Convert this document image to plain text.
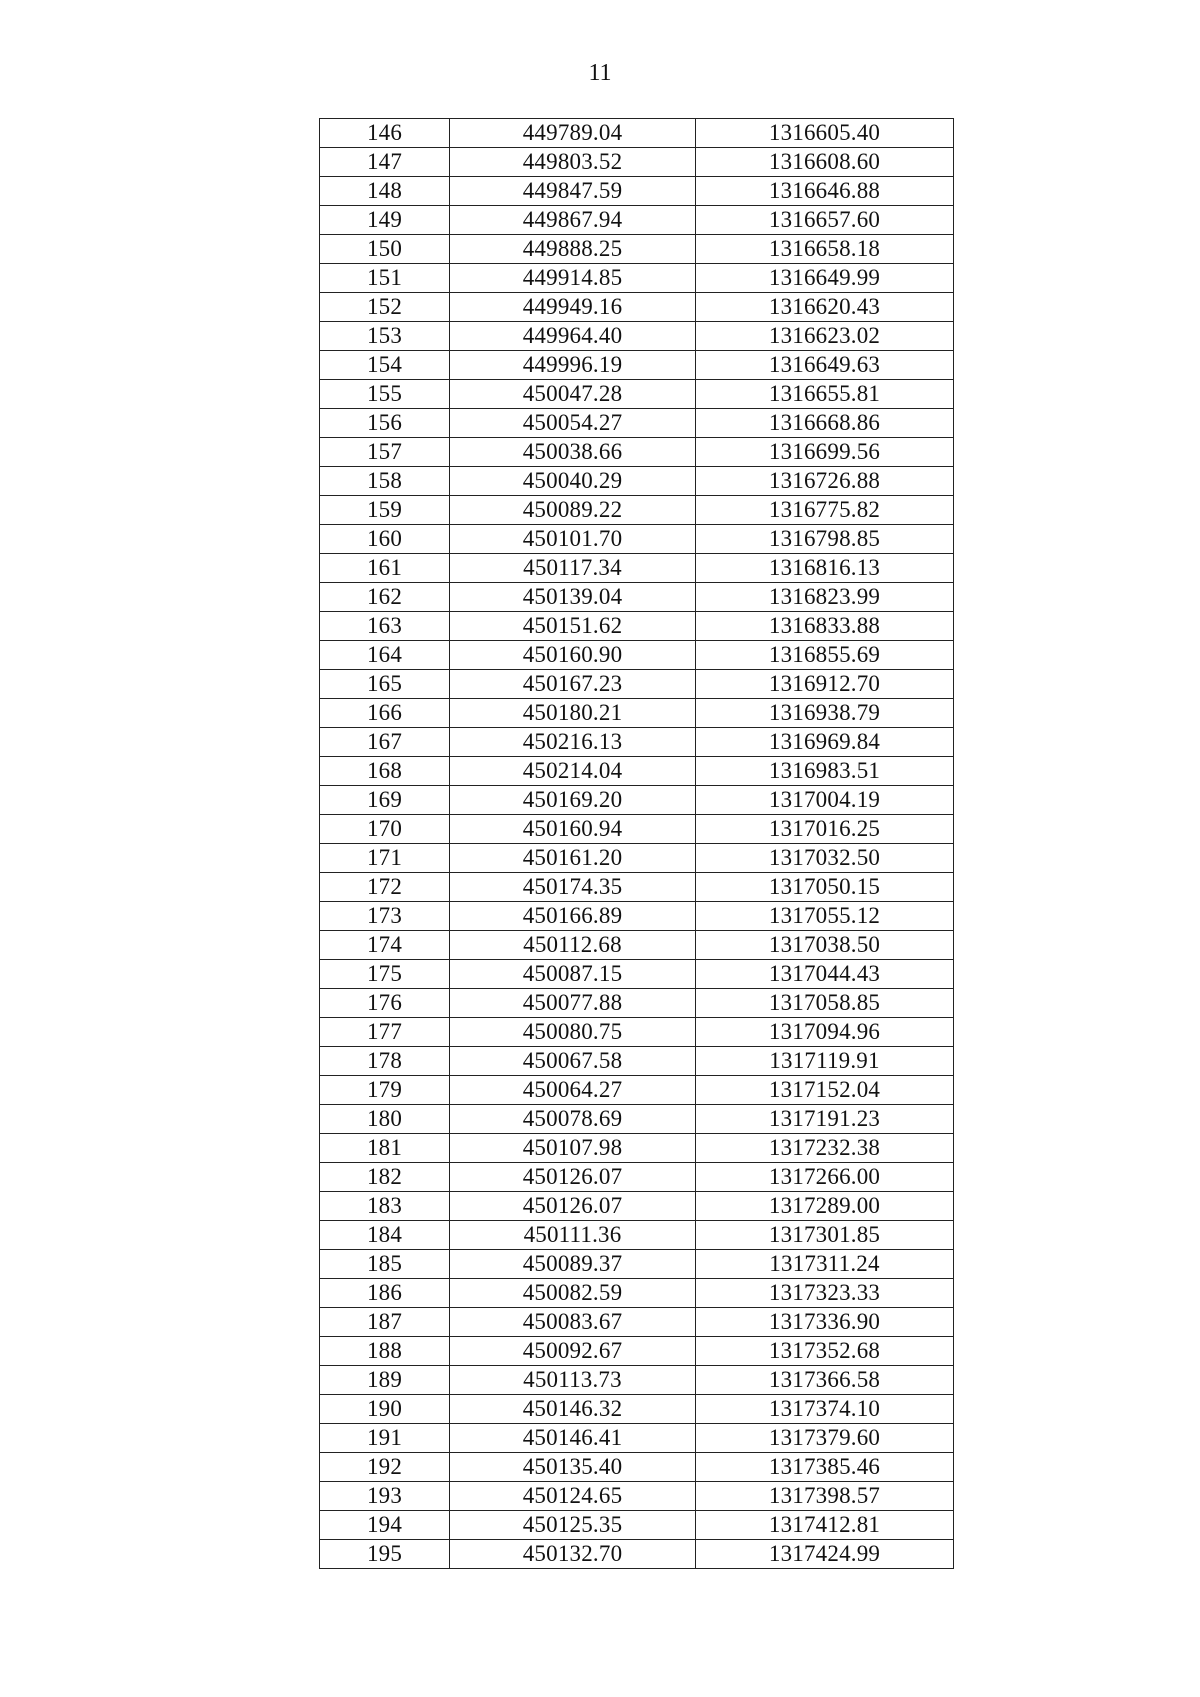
11
146	449789.04	1316605.40
147	449803.52	1316608.60
148	449847.59	1316646.88
149	449867.94	1316657.60
150	449888.25	1316658.18
151	449914.85	1316649.99
152	449949.16	1316620.43
153	449964.40	1316623.02
154	449996.19	1316649.63
155	450047.28	1316655.81
156	450054.27	1316668.86
157	450038.66	1316699.56
158	450040.29	1316726.88
159	450089.22	1316775.82
160	450101.70	1316798.85
161	450117.34	1316816.13
162	450139.04	1316823.99
163	450151.62	1316833.88
164	450160.90	1316855.69
165	450167.23	1316912.70
166	450180.21	1316938.79
167	450216.13	1316969.84
168	450214.04	1316983.51
169	450169.20	1317004.19
170	450160.94	1317016.25
171	450161.20	1317032.50
172	450174.35	1317050.15
173	450166.89	1317055.12
174	450112.68	1317038.50
175	450087.15	1317044.43
176	450077.88	1317058.85
177	450080.75	1317094.96
178	450067.58	1317119.91
179	450064.27	1317152.04
180	450078.69	1317191.23
181	450107.98	1317232.38
182	450126.07	1317266.00
183	450126.07	1317289.00
184	450111.36	1317301.85
185	450089.37	1317311.24
186	450082.59	1317323.33
187	450083.67	1317336.90
188	450092.67	1317352.68
189	450113.73	1317366.58
190	450146.32	1317374.10
191	450146.41	1317379.60
192	450135.40	1317385.46
193	450124.65	1317398.57
194	450125.35	1317412.81
195	450132.70	1317424.99
